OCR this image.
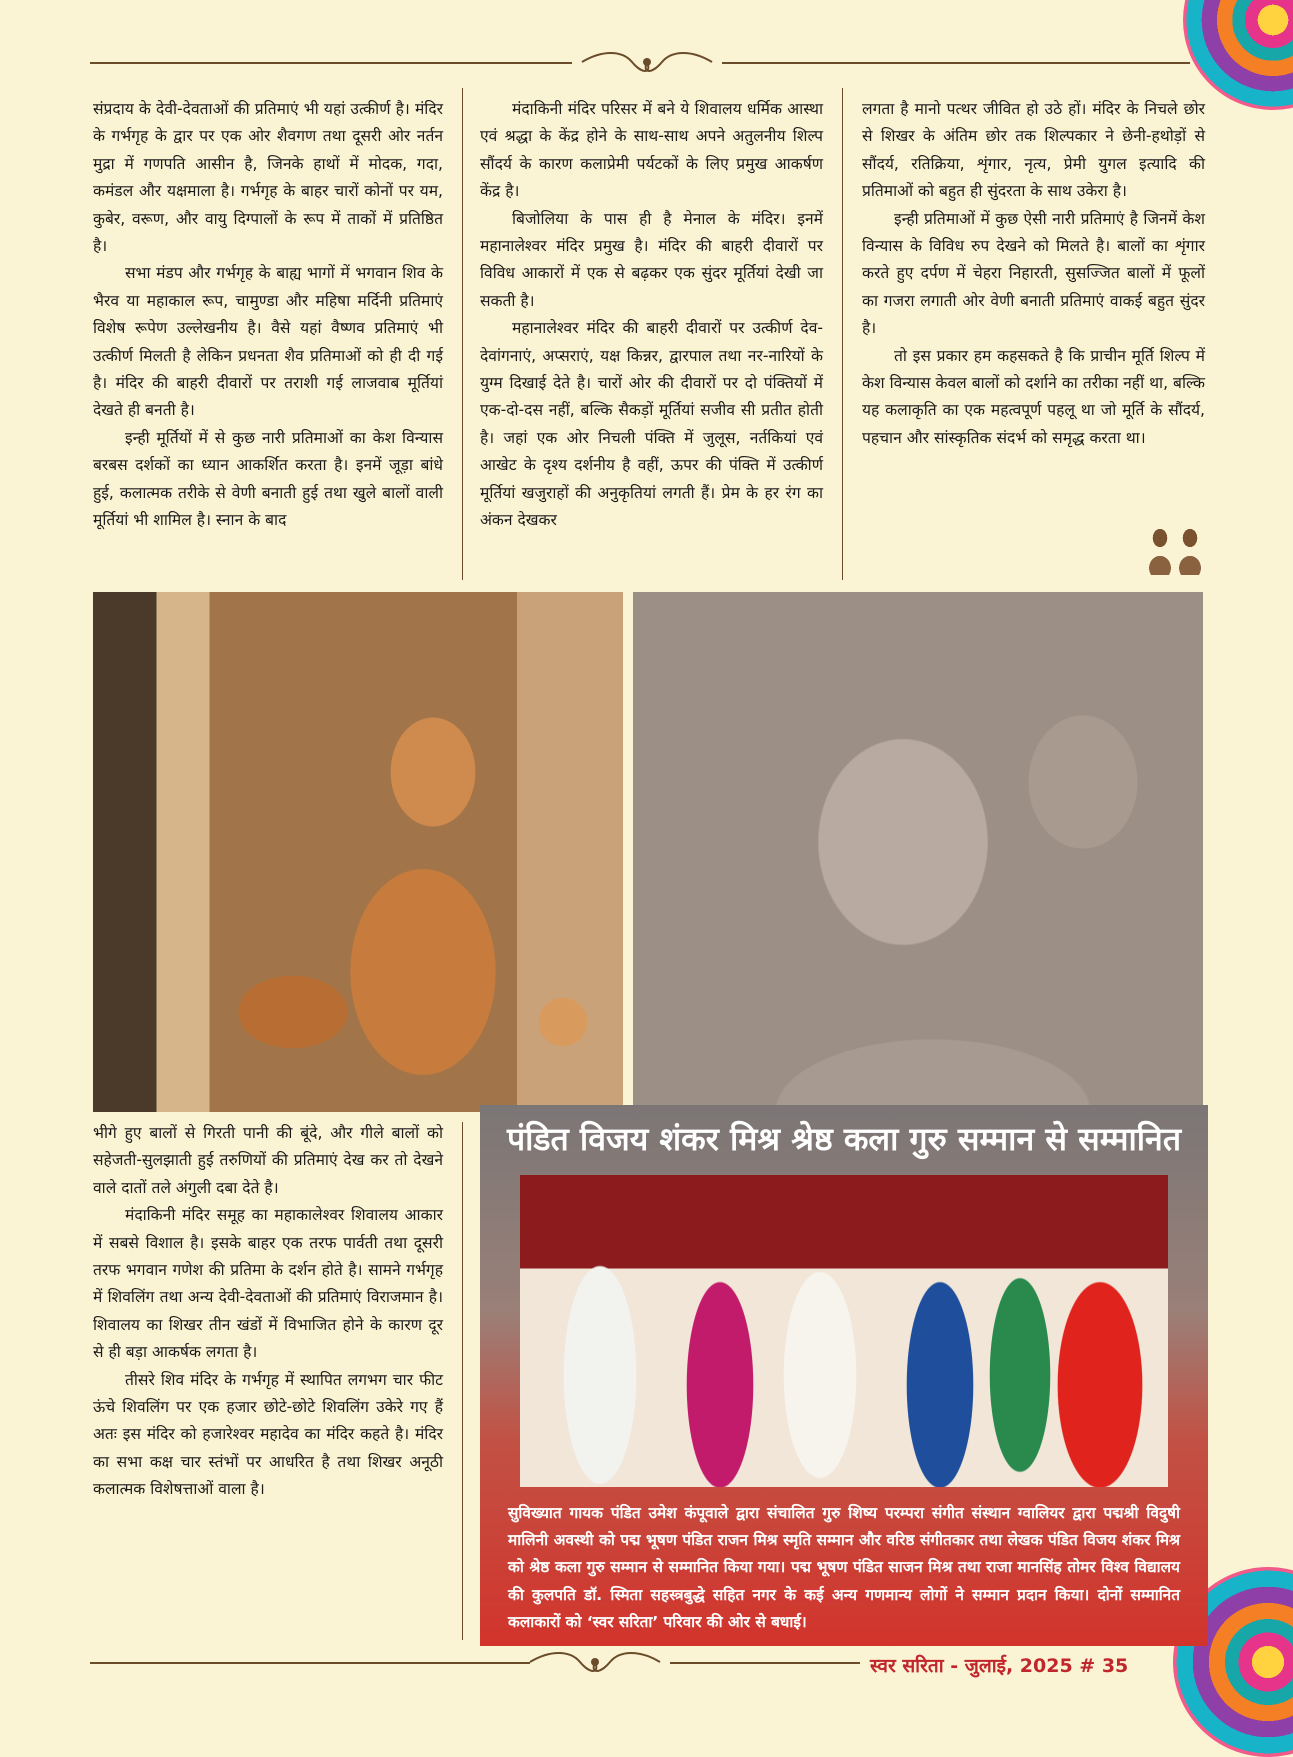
संप्रदाय के देवी-देवताओं की प्रतिमाएं भी यहां उत्कीर्ण है। मंदिर के गर्भगृह के द्वार पर एक ओर शैवगण तथा दूसरी ओर नर्तन मुद्रा में गणपति आसीन है, जिनके हाथों में मोदक, गदा, कमंडल और यक्षमाला है। गर्भगृह के बाहर चारों कोनों पर यम, कुबेर, वरूण, और वायु दिग्पालों के रूप में ताकों में प्रतिष्ठित है।

सभा मंडप और गर्भगृह के बाह्य भागों में भगवान शिव के भैरव या महाकाल रूप, चामुण्डा और महिषा मर्दिनी प्रतिमाएं विशेष रूपेण उल्लेखनीय है। वैसे यहां वैष्णव प्रतिमाएं भी उत्कीर्ण मिलती है लेकिन प्रधनता शैव प्रतिमाओं को ही दी गई है। मंदिर की बाहरी दीवारों पर तराशी गई लाजवाब मूर्तियां देखते ही बनती है।

इन्ही मूर्तियों में से कुछ नारी प्रतिमाओं का केश विन्यास बरबस दर्शकों का ध्यान आकर्शित करता है। इनमें जूड़ा बांधे हुई, कलात्मक तरीके से वेणी बनाती हुई तथा खुले बालों वाली मूर्तियां भी शामिल है। स्नान के बाद

मंदाकिनी मंदिर परिसर में बने ये शिवालय धर्मिक आस्था एवं श्रद्धा के केंद्र होने के साथ-साथ अपने अतुलनीय शिल्प सौंदर्य के कारण कलाप्रेमी पर्यटकों के लिए प्रमुख आकर्षण केंद्र है।

बिजोलिया के पास ही है मेनाल के मंदिर। इनमें महानालेश्वर मंदिर प्रमुख है। मंदिर की बाहरी दीवारों पर विविध आकारों में एक से बढ़कर एक सुंदर मूर्तियां देखी जा सकती है।

महानालेश्वर मंदिर की बाहरी दीवारों पर उत्कीर्ण देव-देवांगनाएं, अप्सराएं, यक्ष किन्नर, द्वारपाल तथा नर-नारियों के युग्म दिखाई देते है। चारों ओर की दीवारों पर दो पंक्तियों में एक-दो-दस नहीं, बल्कि सैकड़ों मूर्तियां सजीव सी प्रतीत होती है। जहां एक ओर निचली पंक्ति में जुलूस, नर्तकियां एवं आखेट के दृश्य दर्शनीय है वहीं, ऊपर की पंक्ति में उत्कीर्ण मूर्तियां खजुराहों की अनुकृतियां लगती हैं। प्रेम के हर रंग का अंकन देखकर

लगता है मानो पत्थर जीवित हो उठे हों। मंदिर के निचले छोर से शिखर के अंतिम छोर तक शिल्पकार ने छेनी-हथोड़ों से सौंदर्य, रतिक्रिया, शृंगार, नृत्य, प्रेमी युगल इत्यादि की प्रतिमाओं को बहुत ही सुंदरता के साथ उकेरा है।

इन्ही प्रतिमाओं में कुछ ऐसी नारी प्रतिमाएं है जिनमें केश विन्यास के विविध रुप देखने को मिलते है। बालों का शृंगार करते हुए दर्पण में चेहरा निहारती, सुसज्जित बालों में फूलों का गजरा लगाती ओर वेणी बनाती प्रतिमाएं वाकई बहुत सुंदर है।

तो इस प्रकार हम कहसकते है कि प्राचीन मूर्ति शिल्प में केश विन्यास केवल बालों को दर्शाने का तरीका नहीं था, बल्कि यह कलाकृति का एक महत्वपूर्ण पहलू था जो मूर्ति के सौंदर्य, पहचान और सांस्कृतिक संदर्भ को समृद्ध करता था।

भीगे हुए बालों से गिरती पानी की बूंदे, और गीले बालों को सहेजती-सुलझाती हुई तरुणियों की प्रतिमाएं देख कर तो देखने वाले दातों तले अंगुली दबा देते है।

मंदाकिनी मंदिर समूह का महाकालेश्वर शिवालय आकार में सबसे विशाल है। इसके बाहर एक तरफ पार्वती तथा दूसरी तरफ भगवान गणेश की प्रतिमा के दर्शन होते है। सामने गर्भगृह में शिवलिंग तथा अन्य देवी-देवताओं की प्रतिमाएं विराजमान है। शिवालय का शिखर तीन खंडों में विभाजित होने के कारण दूर से ही बड़ा आकर्षक लगता है।

तीसरे शिव मंदिर के गर्भगृह में स्थापित लगभग चार फीट ऊंचे शिवलिंग पर एक हजार छोटे-छोटे शिवलिंग उकेरे गए हैं अतः इस मंदिर को हजारेश्वर महादेव का मंदिर कहते है। मंदिर का सभा कक्ष चार स्तंभों पर आधरित है तथा शिखर अनूठी कलात्मक विशेषत्ताओं वाला है।

पंडित विजय शंकर मिश्र श्रेष्ठ कला गुरु सम्मान से सम्मानित
सुविख्यात गायक पंडित उमेश कंपूवाले द्वारा संचालित गुरु शिष्य परम्परा संगीत संस्थान ग्वालियर द्वारा पद्मश्री विदुषी मालिनी अवस्थी को पद्म भूषण पंडित राजन मिश्र स्मृति सम्मान और वरिष्ठ संगीतकार तथा लेखक पंडित विजय शंकर मिश्र को श्रेष्ठ कला गुरु सम्मान से सम्मानित किया गया। पद्म भूषण पंडित साजन मिश्र तथा राजा मानसिंह तोमर विश्व विद्यालय की कुलपति डॉ. स्मिता सहस्त्रबुद्धे सहित नगर के कई अन्य गणमान्य लोगों ने सम्मान प्रदान किया। दोनों सम्मानित कलाकारों को ‘स्वर सरिता’ परिवार की ओर से बधाई।
स्वर सरिता - जुलाई, 2025 # 35
